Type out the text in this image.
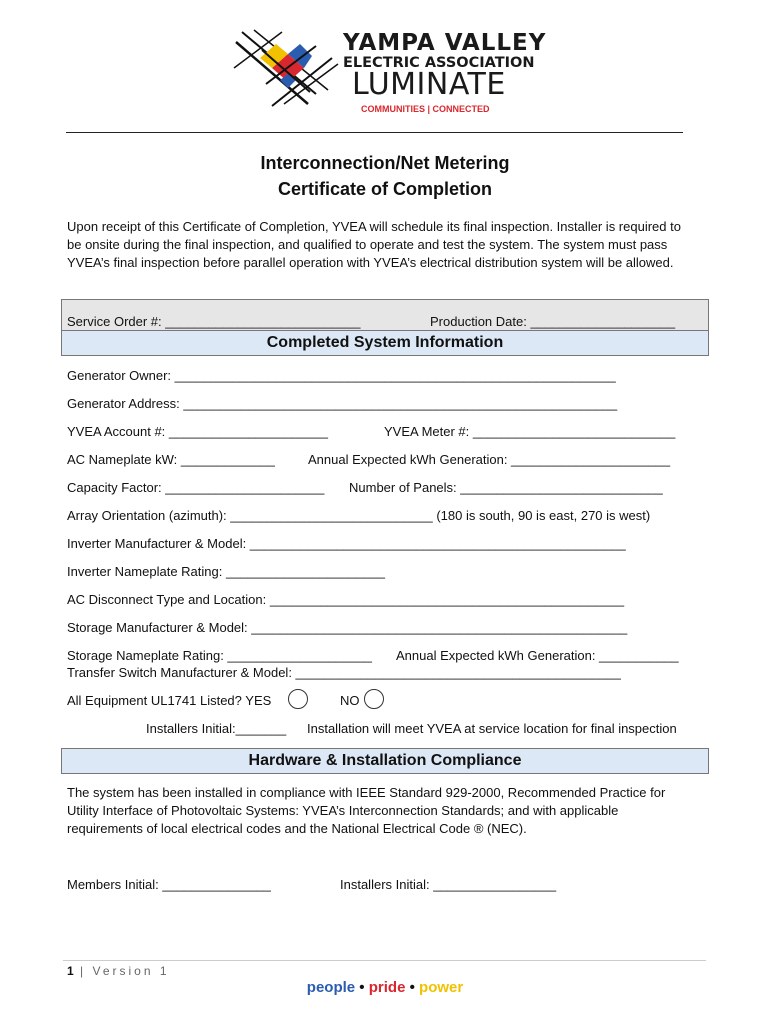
YAMPA VALLEY
ELECTRIC ASSOCIATION
LUMINATE
COMMUNITIES | CONNECTED
Interconnection/Net Metering
Certificate of Completion
Upon receipt of this Certificate of Completion, YVEA will schedule its final inspection. Installer is required to be onsite during the final inspection, and qualified to operate and test the system. The system must pass YVEA’s final inspection before parallel operation with YVEA’s electrical distribution system will be allowed.
Service Order #: ___________________________	Production Date: ____________________
Completed System Information
Generator Owner: _____________________________________________________________
Generator Address: ____________________________________________________________
YVEA Account #: ______________________	YVEA Meter #: ____________________________
AC Nameplate kW: _____________	Annual Expected kWh Generation: ______________________
Capacity Factor: ______________________ Number of Panels: ____________________________
Array Orientation (azimuth): ____________________________ (180 is south, 90 is east, 270 is west)
Inverter Manufacturer & Model: ____________________________________________________
Inverter Nameplate Rating: ______________________
AC Disconnect Type and Location: _________________________________________________
Storage Manufacturer & Model: ____________________________________________________
Storage Nameplate Rating: ____________________ Annual Expected kWh Generation: ___________
Transfer Switch Manufacturer & Model: _____________________________________________
All Equipment UL1741 Listed? YES	NO
Installers Initial:_______ Installation will meet YVEA at service location for final inspection
Hardware & Installation Compliance
The system has been installed in compliance with IEEE Standard 929-2000, Recommended Practice for Utility Interface of Photovoltaic Systems: YVEA’s Interconnection Standards; and with applicable requirements of local electrical codes and the National Electrical Code ® (NEC).
Members Initial: _______________	Installers Initial: _________________
1 | Version 1
people • pride • power
